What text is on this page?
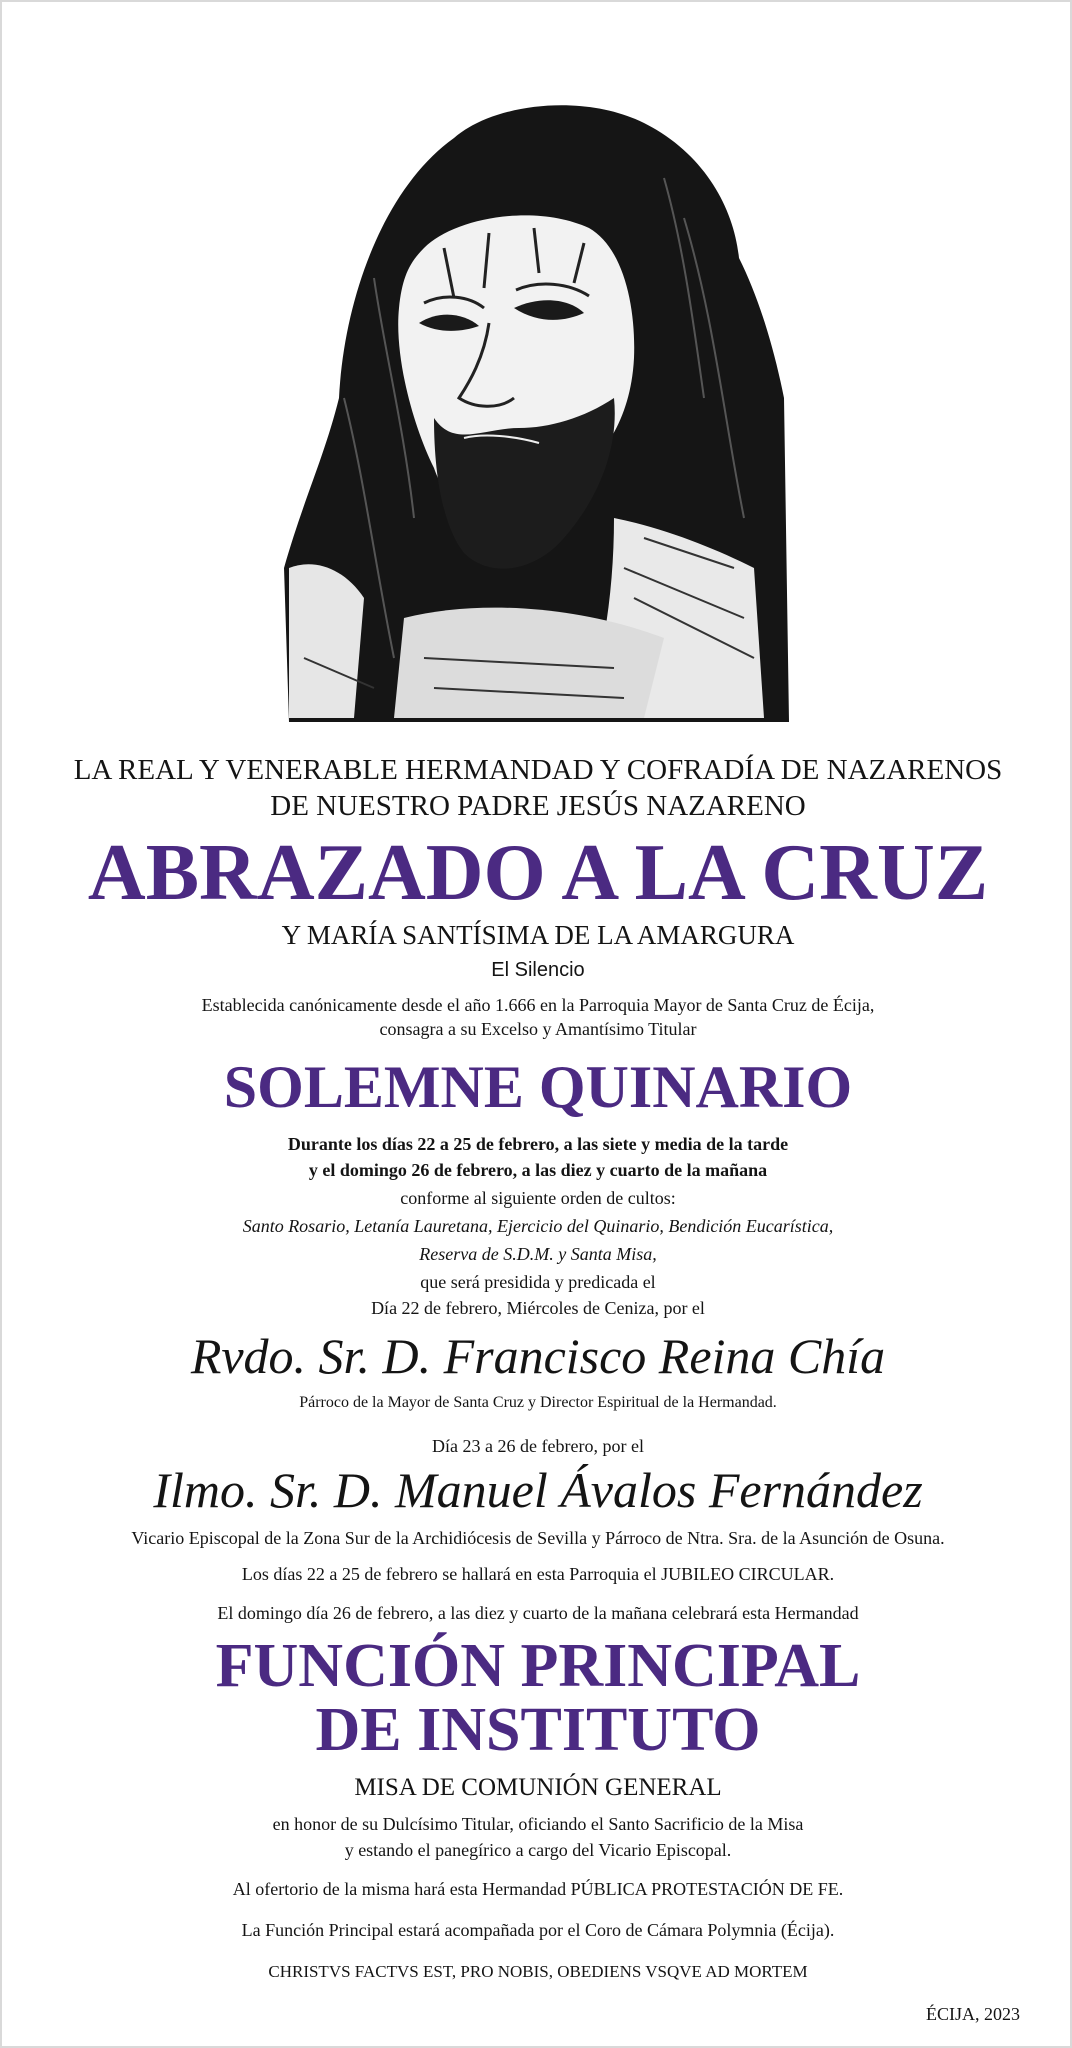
LA REAL Y VENERABLE HERMANDAD Y COFRADÍA DE NAZARENOS

DE NUESTRO PADRE JESÚS NAZARENO

ABRAZADO A LA CRUZ

Y MARÍA SANTÍSIMA DE LA AMARGURA

El Silencio

Establecida canónicamente desde el año 1.666 en la Parroquia Mayor de Santa Cruz de Écija,

consagra a su Excelso y Amantísimo Titular

SOLEMNE QUINARIO

Durante los días 22 a 25 de febrero, a las siete y media de la tarde

y el domingo 26 de febrero, a las diez y cuarto de la mañana

conforme al siguiente orden de cultos:

Santo Rosario, Letanía Lauretana, Ejercicio del Quinario, Bendición Eucarística,

Reserva de S.D.M. y Santa Misa,

que será presidida y predicada el

Día 22 de febrero, Miércoles de Ceniza, por el

Rvdo. Sr. D. Francisco Reina Chía

Párroco de la Mayor de Santa Cruz y Director Espiritual de la Hermandad.

Día 23 a 26 de febrero, por el

Ilmo. Sr. D. Manuel Ávalos Fernández

Vicario Episcopal de la Zona Sur de la Archidiócesis de Sevilla y Párroco de Ntra. Sra. de la Asunción de Osuna.

Los días 22 a 25 de febrero se hallará en esta Parroquia el JUBILEO CIRCULAR.

El domingo día 26 de febrero, a las diez y cuarto de la mañana celebrará esta Hermandad

FUNCIÓN PRINCIPAL

DE INSTITUTO

MISA DE COMUNIÓN GENERAL

en honor de su Dulcísimo Titular, oficiando el Santo Sacrificio de la Misa

y estando el panegírico a cargo del Vicario Episcopal.

Al ofertorio de la misma hará esta Hermandad PÚBLICA PROTESTACIÓN DE FE.

La Función Principal estará acompañada por el Coro de Cámara Polymnia (Écija).

CHRISTVS FACTVS EST, PRO NOBIS, OBEDIENS VSQVE AD MORTEM

ÉCIJA, 2023
